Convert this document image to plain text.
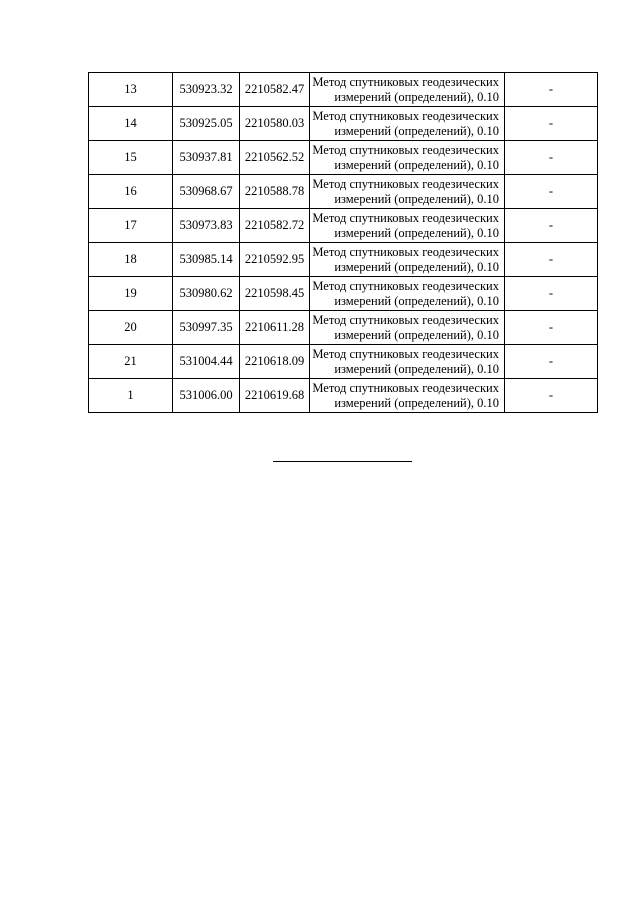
13	530923.32	2210582.47	Метод спутниковых геодезических
измерений (определений), 0.10	-
14	530925.05	2210580.03	Метод спутниковых геодезических
измерений (определений), 0.10	-
15	530937.81	2210562.52	Метод спутниковых геодезических
измерений (определений), 0.10	-
16	530968.67	2210588.78	Метод спутниковых геодезических
измерений (определений), 0.10	-
17	530973.83	2210582.72	Метод спутниковых геодезических
измерений (определений), 0.10	-
18	530985.14	2210592.95	Метод спутниковых геодезических
измерений (определений), 0.10	-
19	530980.62	2210598.45	Метод спутниковых геодезических
измерений (определений), 0.10	-
20	530997.35	2210611.28	Метод спутниковых геодезических
измерений (определений), 0.10	-
21	531004.44	2210618.09	Метод спутниковых геодезических
измерений (определений), 0.10	-
1	531006.00	2210619.68	Метод спутниковых геодезических
измерений (определений), 0.10	-
